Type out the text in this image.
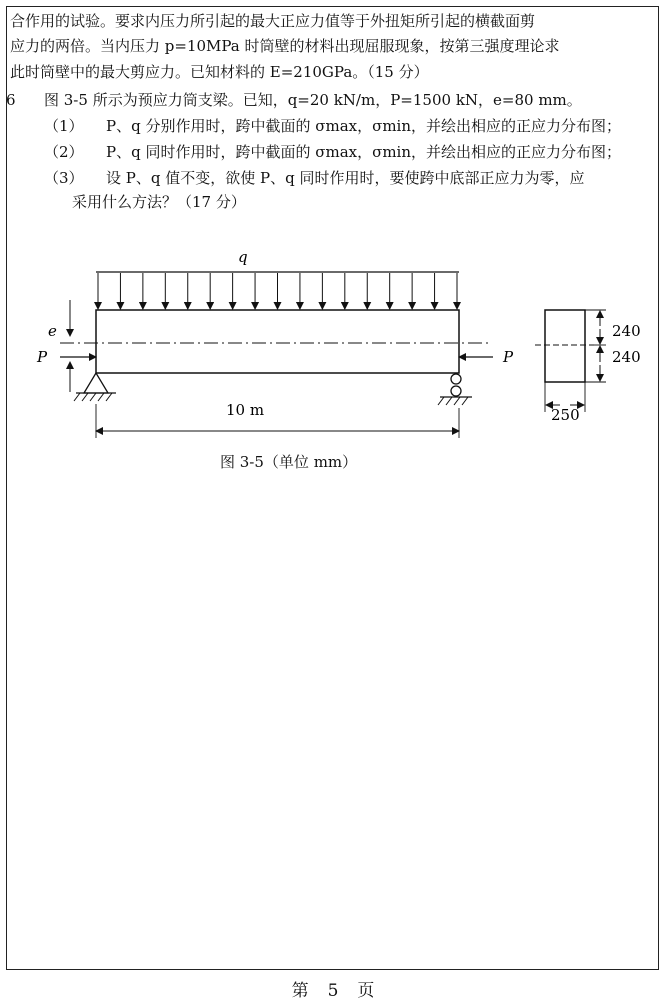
合作用的试验。要求内压力所引起的最大正应力值等于外扭矩所引起的横截面剪
应力的两倍。当内压力 p=10MPa 时筒壁的材料出现屈服现象，按第三强度理论求
此时筒壁中的最大剪应力。已知材料的 E=210GPa。（15 分）
6 图 3-5 所示为预应力筒支梁。已知，q=20 kN/m，P=1500 kN，e=80 mm。
（1） P、q 分别作用时，跨中截面的 σmax，σmin，并绘出相应的正应力分布图；
（2） P、q 同时作用时，跨中截面的 σmax，σmin，并绘出相应的正应力分布图；
（3） 设 P、q 值不变，欲使 P、q 同时作用时，要使跨中底部正应力为零，应
采用什么方法？（17 分）
q
e
P	P
10 m
240
240
250
图 3-5（单位 mm）
第　5　页
